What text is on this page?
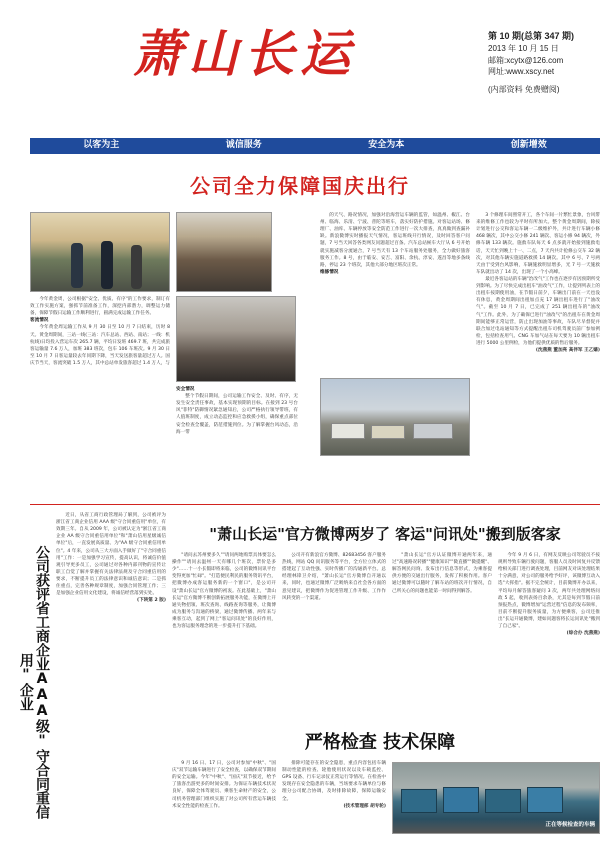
萧山长运	第 10 期(总第 347 期)
2013 年 10 月 15 日
邮箱:xcytx@126.com
网址:www.xscy.net
(内部资料 免费赠阅)
以客为主	诚信服务	安全为本	创新增效
公司全力保障国庆出行

今年黄金周，公司根据"安全、优质、有序"的工作要求，制订有效工作实施方案，强抓节前准备工作，深挖内部潜力，调整运力储备，保障节假日运输工作顺利进行，圆满完成运输工作任务。

客流情况

今年黄金周运输工作从 9 月 30 日至 10 月 7 日结束，历时 8 天。黄金周期间，三站一线(三站：汽车总站、西站、南站；一线：机杭线)日均投入营运车次 265.7 辆，平均日发班 469.7 班，共完成旅客运输量 7.6 万人，加班 383 班次，包车 106 车班次。9 月 30 日至 10 月 7 日客运量较去年同期下降，当天发送旅客量超过万人。国庆节当天，客流突破 1.5 万人，其中总站单发旅客超过 1.4 万人，与

安全情况

整个节假日期间，公司运输工作安全、及时、有序，无发生安全责任事故，基本实现预期的目标。在接到 23 号台风"菲特"防御情况紧急通知后，公司严格执行领导带班，有人值班制度，成立动态监控和应急救援小组，确保重点部位安全检查全覆盖，防范措施到位。为了解掌握台风动态，沿海一带

的天气、路况情况，加强对沿海营运车辆的监管，如温州、椒江、台州、临海、乐清、宁波、普陀等班车，落实好防护措施。对客运站场、修理厂、油库、车辆停放等安全防范工作进行一次大排查，真真做到查漏补缺。新浪微博实时播报天气情况，客运班线开行情况，及时回答客户问题，7 号当天回答各类网友问题超过百条。汽车总站候车大厅从 6 号开始就实施减客分流通合，7 号当天有 13 个车站服务处服务，全力做好旅客服务工作。8 号，由于临安、安吉、富阳、余杭、淳安、遂昌等地多条线路，停运 23 个班次，其他大部分地区班次正常。

维修情况

3 个修理车间照常开工，各个车间一片繁忙景象，台风带来的维修工作也较为平时有所加大。整个黄金周期间，除按计划进行公交和客运车辆一二级维护外，共计进行车辆小修 468 辆次，其中公交小修 241 辆次、客运小修 94 辆次，外修车辆 133 辆次。施救车队每天 6 点多就开始接到施救电话，天天忙到晚上十一、二点，7 天内共计抢修公交车 32 辆次，对其他车辆实施道路救援 14 辆次。其中 6 号、7 号两天由于受到台风影响，车辆施救明显增多，光 7 号一天施救车队就出动了 14 次，出现了一个小高峰。

最近各客运站的车辆"治改气"工作也在逐步有因预期所受到影响。为了尽快完成出租车"油改气"工作，让提到列表上的出租车按期使用油，在节假日前夕，车辆出门前在一天也没有休息，黄金周期间出租加点充 17 辆出租车进行了"油改气"。截至 10 月 7 日，已完成了 251 辆出租车的"油改气"工作。此外，为了确保已进行"油改气"的出租车在黄金周期间能够正常运营，防止出现加油等事故，车队尽早督促并联合加过电站通知等方式提醒出租车司机驾驶员前厂参加例检，包括检查用气、CNG 车加气站在每天要为 10 辆出租车进行 5000 公里例检，为他们提供优质的售后服务。

(沈燕燕 董加亮 高伴军 王乙嫱)

公司获评省工商企业AAA级"守合同重信用"企业

近日，从省工商行政管理局了解到，公司被评为浙江省工商企业信用 AAA 级"守合同重信用"单位，有效期三年。自从 2009 年，公司被认定为"浙江省工商企业 AA 级守合同重信用单位"和"萧山信用星级诚信单位"后，一直发展高质量、为"AA 级守合同重信用单位"。4 年来，公司从三大方面入手做好了"守合同重信用"工作：一是加强学习宣传，提高认识，将诚信价值观引导更多员工，公司通过对各种内部刊物的宣传让职工自觉了解并掌握有关法律法规及守合同重信用的要求，不断提升员工的法律意识和诚信意识；二是抓住重点，完善各种规章制度，加强合同管理工作；三是加强企业信用文化建设，将诚信经营落到实处。

(下转第 2 版)

"萧山长运"官方微博两岁了 客运"问讯处"搬到版客家

"请问去苏州要多久""请问两地购票具体要怎么操作""请问去温州一天有哪几个班次，票价是多少"……十一小长假即将来临，公司的微博问讯平台变得更加"忙碌"。"打造便民利民的服务资讯平台，把微博办成客运服务新的一个窗口"，是公司开设"萧山长运"官方微博的初衷。在此基础上，"萧山长运"官方微博不断创新拓展服务功能，在微博上开通失物招领、班次查询、线路查询等服务，让微博成为服务与沟通的桥梁，通过微博传播、两年来与乘客互动，起到了网上"客运问讯处"的良好作用，也为客运服务理念的进一步提升打下基础。

公司开有新浪官方微博、82683456 客户服务热线，网站 QQ 问讯服务等平台，全方位立体式的搭建起了互动性强、实时传播广的沟通新平台。总经理林锋卫介绍，"萧山长运"官方微博自开通以来，同时，也通过微博广泛吸纳来自社会各方面的意见建议，把微博作为促进管理工作升级、工作作风转变的一个渠道。

"萧山长运"官方认证微博开通两年来，通过"高速路况转播""健康知识""微直播""微提醒"、解答网民问询、发布出行信息等形式，为乘客提供方便的交通出行服务，发挥了积极作用。客户通过微博可以随时了解车站的班次开行情况，自己所关心的问题也能第一时间得到解答。

今年 9 月 6 日，有网友反映公司驾驶员不按规则导致车辆行驶问题，客服人员及时回复并反馈给相关部门进行调查处理，目前网友对该处理结果十分满意，对公司的服务给予好评，该微博互动入选"大挥指"。据不完全统计，目前微博开办以来，平均每月解答旅客疑问 3 次，两年共处理网络问政 5 起，收到表扬百余条，尤其是每到节假日前预报热点，微博增加"运营过程"信息的发布频率，目前不断提升服务质量，为方便乘客，公司还推出"长运开通微博，建如问题客将长运问讯处"搬到了自己家"。

(综合办 沈燕燕)

严格检查 技术保障

9 月 16 日、17 日，公司对参加"中秋"、"国庆"双节运输车辆进行了安全检查，以确保双节期间的安全运输。今年"中秋"、"国庆"双节接近，给予了旅客出游更多的时间安排。为保证车辆技术状况良好，保障全体驾驶员、乘客生命财产的安全，公司机务管理部门组织实施了对公司所有营运车辆技术安全性能的检查工作。

排除可能存在的安全隐患，重点内容包括车辆制动性能的检查、轮胎使用状况以及车载监控、GPS 设备、行车记录仪正常运行等情况。在检查中发现存在安全隐患的车辆，当场要求车辆单位与修理分公司配合协调，及时排除故障，保障运输安全。

(技术管理部 胡专轮)

正在等候检查的车辆
